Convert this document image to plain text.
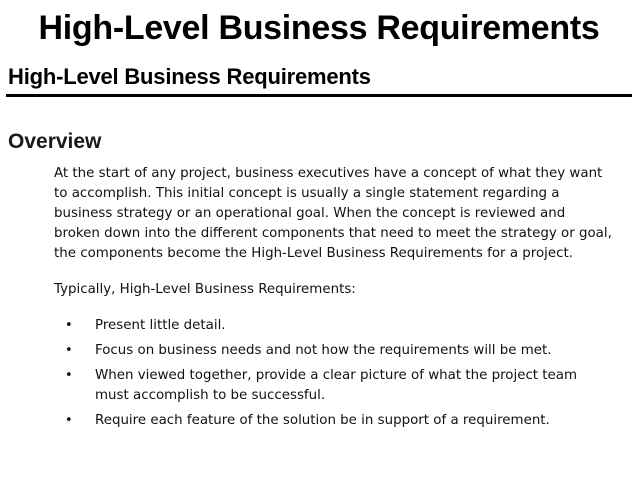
High-Level Business Requirements
High-Level Business Requirements
Overview

At the start of any project, business executives have a concept of what they want to accomplish. This initial concept is usually a single statement regarding a business strategy or an operational goal. When the concept is reviewed and broken down into the different components that need to meet the strategy or goal, the components become the High-Level Business Requirements for a project.

Typically, High-Level Business Requirements:

• Present little detail.
• Focus on business needs and not how the requirements will be met.
• When viewed together, provide a clear picture of what the project team must accomplish to be successful.
• Require each feature of the solution be in support of a requirement.
